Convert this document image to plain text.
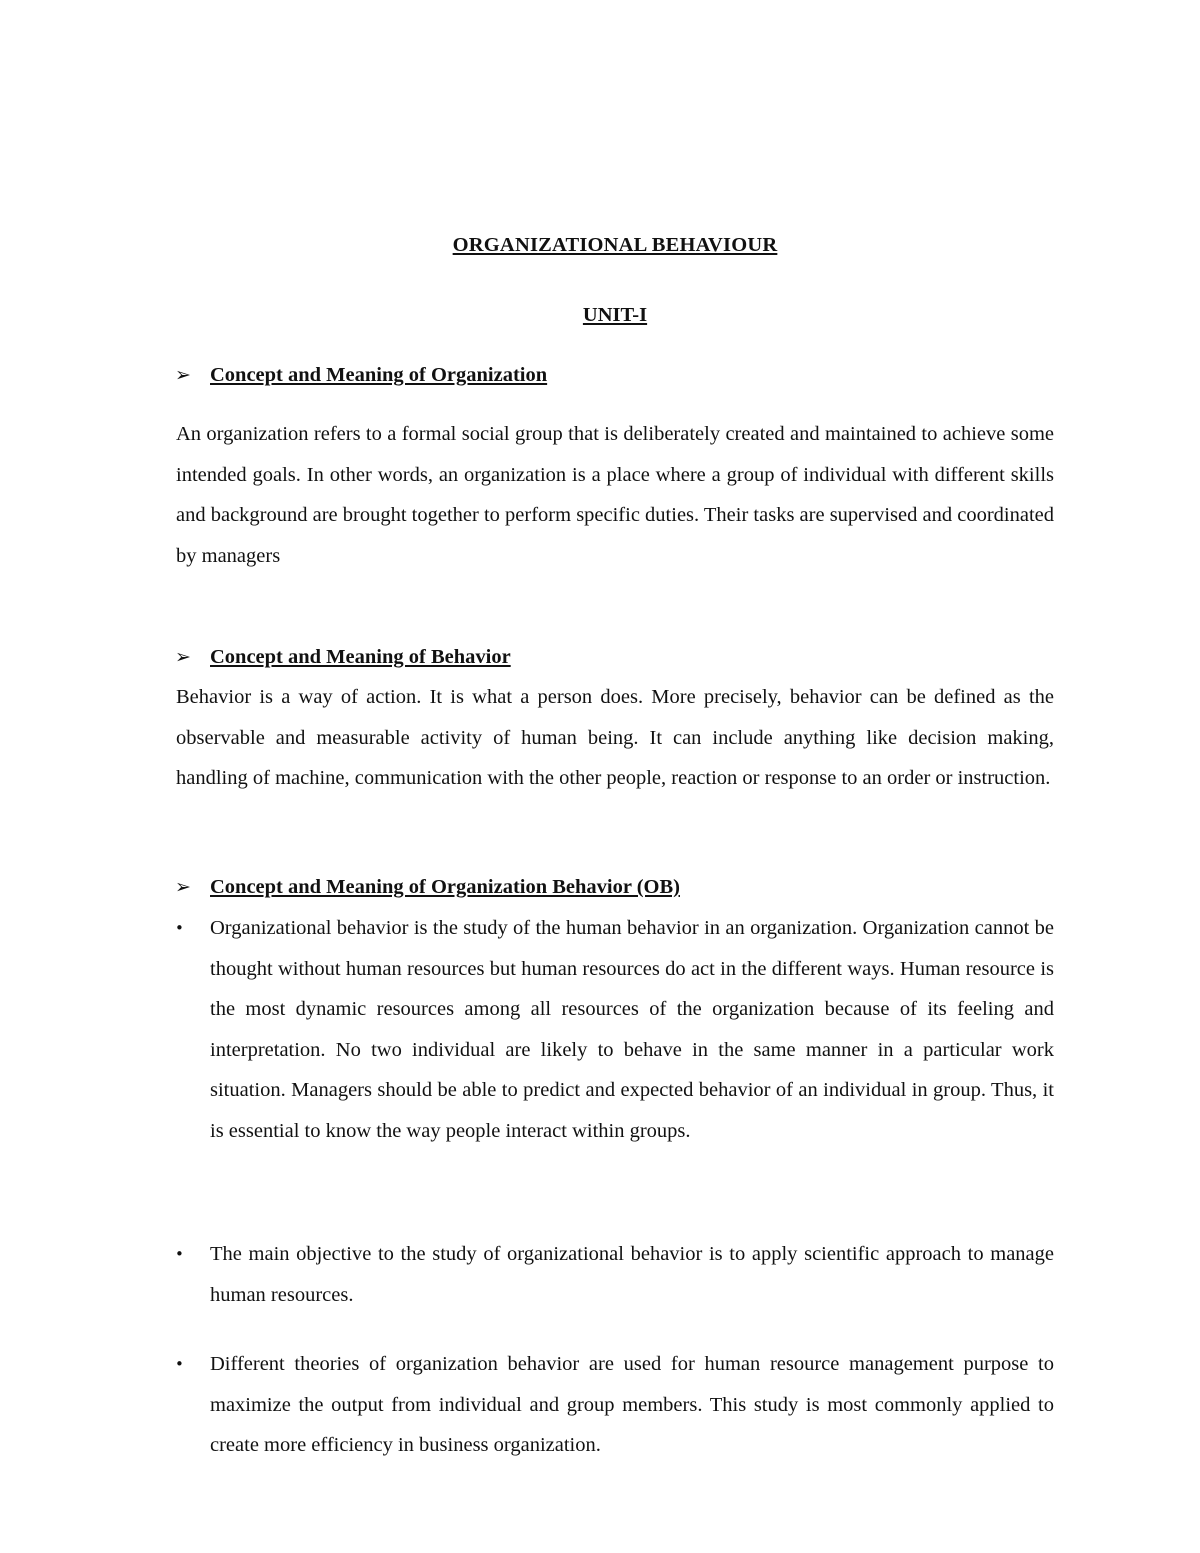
ORGANIZATIONAL BEHAVIOUR
UNIT-I
➢ Concept and Meaning of Organization

An organization refers to a formal social group that is deliberately created and maintained to achieve some intended goals. In other words, an organization is a place where a group of individual with different skills and background are brought together to perform specific duties. Their tasks are supervised and coordinated by managers

➢ Concept and Meaning of Behavior

Behavior is a way of action. It is what a person does. More precisely, behavior can be defined as the observable and measurable activity of human being. It can include anything like decision making, handling of machine, communication with the other people, reaction or response to an order or instruction.

➢ Concept and Meaning of Organization Behavior (OB)
• Organizational behavior is the study of the human behavior in an organization. Organization cannot be thought without human resources but human resources do act in the different ways. Human resource is the most dynamic resources among all resources of the organization because of its feeling and interpretation. No two individual are likely to behave in the same manner in a particular work situation. Managers should be able to predict and expected behavior of an individual in group. Thus, it is essential to know the way people interact within groups.

• The main objective to the study of organizational behavior is to apply scientific approach to manage human resources.

• Different theories of organization behavior are used for human resource management purpose to maximize the output from individual and group members. This study is most commonly applied to create more efficiency in business organization.
